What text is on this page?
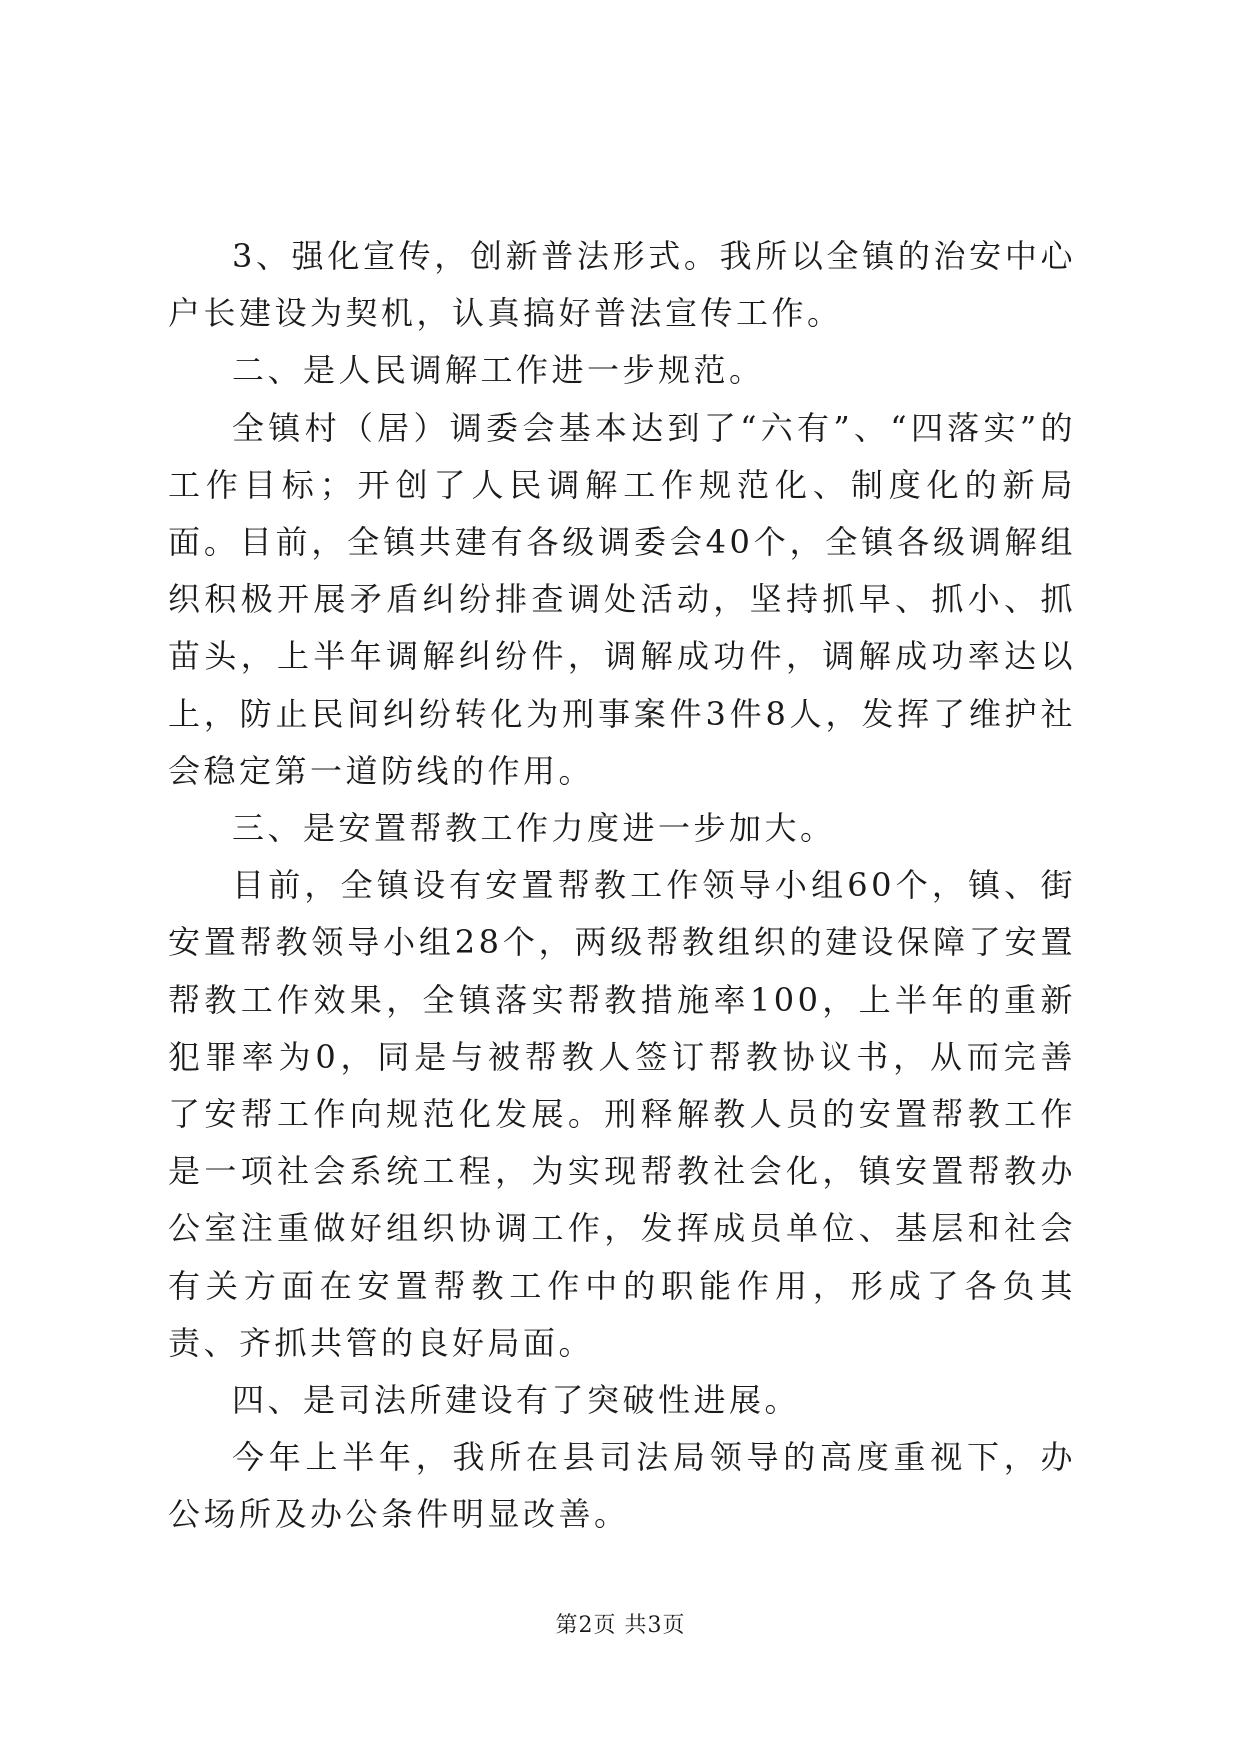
3、强化宣传，创新普法形式。我所以全镇的治安中心户长建设为契机，认真搞好普法宣传工作。

二、是人民调解工作进一步规范。

全镇村（居）调委会基本达到了“六有”、“四落实”的工作目标；开创了人民调解工作规范化、制度化的新局面。目前，全镇共建有各级调委会40个，全镇各级调解组织积极开展矛盾纠纷排查调处活动，坚持抓早、抓小、抓苗头，上半年调解纠纷件，调解成功件，调解成功率达以上，防止民间纠纷转化为刑事案件3件8人，发挥了维护社会稳定第一道防线的作用。

三、是安置帮教工作力度进一步加大。

目前，全镇设有安置帮教工作领导小组60个，镇、街安置帮教领导小组28个，两级帮教组织的建设保障了安置帮教工作效果，全镇落实帮教措施率100，上半年的重新犯罪率为0，同是与被帮教人签订帮教协议书，从而完善了安帮工作向规范化发展。刑释解教人员的安置帮教工作是一项社会系统工程，为实现帮教社会化，镇安置帮教办公室注重做好组织协调工作，发挥成员单位、基层和社会有关方面在安置帮教工作中的职能作用，形成了各负其责、齐抓共管的良好局面。

四、是司法所建设有了突破性进展。

今年上半年，我所在县司法局领导的高度重视下，办公场所及办公条件明显改善。

第2页 共3页
